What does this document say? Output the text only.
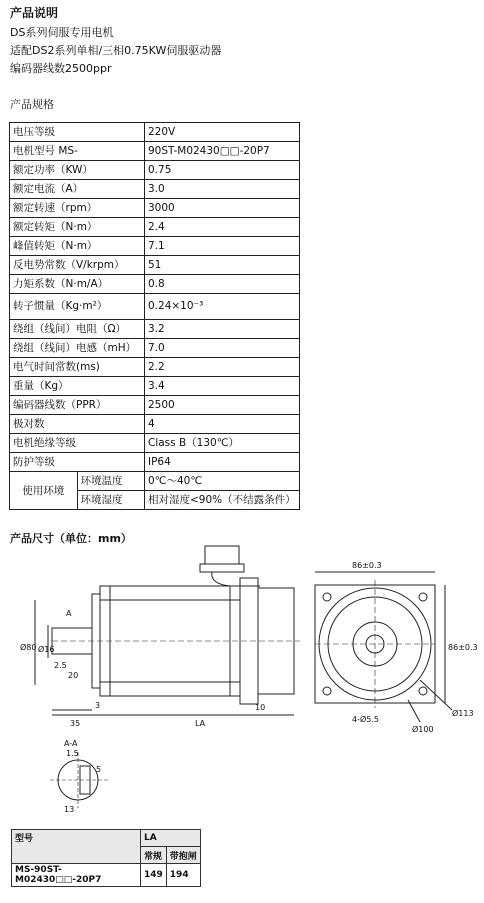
产品说明
DS系列伺服专用电机
适配DS2系列单相/三相0.75KW伺服驱动器
编码器线数2500ppr
产品规格
电压等级		220V
电机型号 MS-		90ST-M02430□□-20P7
额定功率（KW）		0.75
额定电流（A）		3.0
额定转速（rpm）		3000
额定转矩（N·m）		2.4
峰值转矩（N·m）		7.1
反电势常数（V/krpm）		51
力矩系数（N·m/A）		0.8
转子惯量（Kg·m²）		0.24×10⁻³
绕组（线间）电阻（Ω）		3.2
绕组（线间）电感（mH）		7.0
电气时间常数(ms)		2.2
重量（Kg）		3.4
编码器线数（PPR）		2500
极对数		4
电机绝缘等级		Class B（130℃）
防护等级		IP64
使用环境	环境温度	0℃～40℃
	环境湿度	相对湿度<90%（不结露条件）
产品尺寸（单位：mm）
86±0.3
86±0.3
Ø80 Ø16
2.5
20
35	LA
10
3
A
Ø113
Ø100
4-Ø5.5
A-A
1.5
5
13
型号	LA	
	常规	带抱闸
MS-90ST-M02430□□-20P7	149	194
